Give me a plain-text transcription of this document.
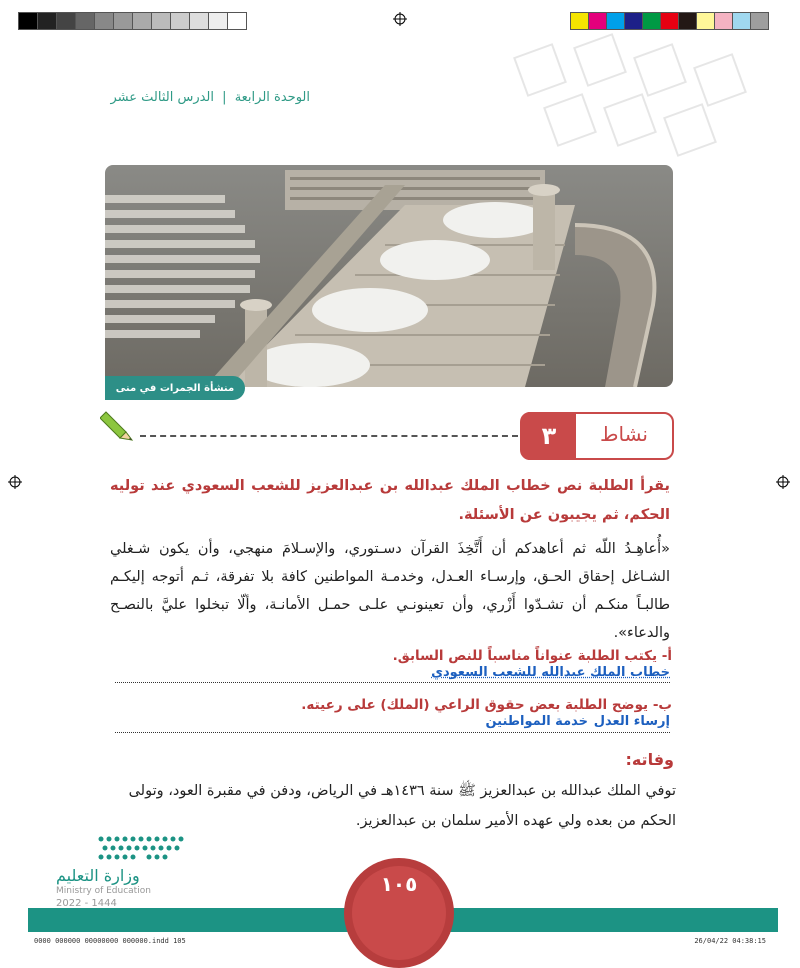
الوحدة الرابعة | الدرس الثالث عشر
منشأة الجمرات في منى
٣	نشاط
يقرأ الطلبة نص خطاب الملك عبدالله بن عبدالعزيز للشعب السعودي عند توليه الحكم، ثم يجيبون عن الأسئلة.
«أُعاهِـدُ اللّه ثم أعاهدكم أن أَتَّخِذَ القرآن دسـتوري، والإسـلامَ منهجي، وأن يكون شـغلي الشـاغل إحقاق الحـق، وإرسـاء العـدل، وخدمـة المواطنين كافة بلا تفرقة، ثـم أتوجه إليكـم طالبـاً منكـم أن تشـدّوا أَزْري، وأن تعينونـي علـى حمـل الأمانـة، وألّا تبخلوا عليَّ بالنصـح والدعاء».
أ- يكتب الطلبة عنواناً مناسباً للنص السابق.
خطاب الملك عبدالله للشعب السعودي
ب- يوضح الطلبة بعض حقوق الراعي (الملك) على رعيته.
إرساء العدل
خدمة المواطنين
وفاته:
توفي الملك عبدالله بن عبدالعزيز ﷺ سنة ١٤٣٦هـ في الرياض، ودفن في مقبرة العود، وتولى الحكم من بعده ولي عهده الأمير سلمان بن عبدالعزيز.
١٠٥
وزارة التعليم
Ministry of Education
2022 - 1444
0000 000000 00000000 000000.indd 105	26/04/22 04:38:15
